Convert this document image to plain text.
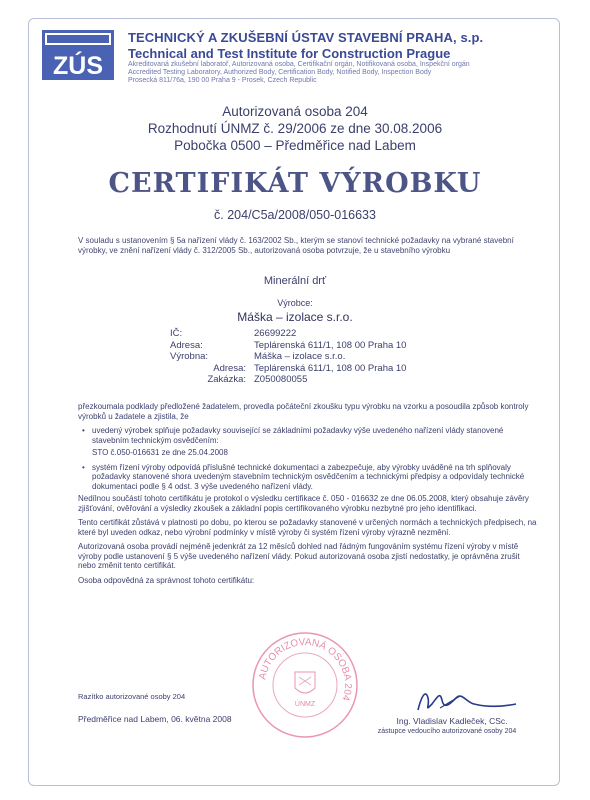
ZÚS
TECHNICKÝ A ZKUŠEBNÍ ÚSTAV STAVEBNÍ PRAHA, s.p.
Technical and Test Institute for Construction Prague
Akreditovaná zkušební laboratoř, Autorizovaná osoba, Certifikační orgán, Notifikovaná osoba, Inspekční orgán
Accredited Testing Laboratory, Authorized Body, Certification Body, Notified Body, Inspection Body
Prosecká 811/76a, 190 00 Praha 9 - Prosek, Czech Republic
Autorizovaná osoba 204
Rozhodnutí ÚNMZ č. 29/2006 ze dne 30.08.2006
Pobočka 0500 – Předměřice nad Labem
CERTIFIKÁT VÝROBKU
č. 204/C5a/2008/050-016633
V souladu s ustanovením § 5a nařízení vlády č. 163/2002 Sb., kterým se stanoví technické požadavky na vybrané stavební výrobky, ve znění nařízení vlády č. 312/2005 Sb., autorizovaná osoba potvrzuje, že u stavebního výrobku
Minerální drť
Výrobce:
Máška – izolace s.r.o.
IČ:	26699222
Adresa:	Teplárenská 611/1, 108 00 Praha 10
Výrobna:	Máška – izolace s.r.o.
Adresa: Teplárenská 611/1, 108 00 Praha 10
Zakázka: Z050080055

přezkoumala podklady předložené žadatelem, provedla počáteční zkoušku typu výrobku na vzorku a posoudila způsob kontroly výrobků u žadatele a zjistila, že

• uvedený výrobek splňuje požadavky související se základními požadavky výše uvedeného nařízení vlády stanovené stavebním technickým osvědčením:

STO č.050-016631 ze dne 25.04.2008

• systém řízení výroby odpovídá příslušné technické dokumentaci a zabezpečuje, aby výrobky uváděné na trh splňovaly požadavky stanovené shora uvedeným stavebním technickým osvědčením a technickými předpisy a odpovídaly technické dokumentaci podle § 4 odst. 3 výše uvedeného nařízení vlády.

Nedílnou součástí tohoto certifikátu je protokol o výsledku certifikace č. 050 - 016632 ze dne 06.05.2008, který obsahuje závěry zjišťování, ověřování a výsledky zkoušek a základní popis certifikovaného výrobku nezbytné pro jeho identifikaci.

Tento certifikát zůstává v platnosti po dobu, po kterou se požadavky stanovené v určených normách a technických předpisech, na které byl uveden odkaz, nebo výrobní podmínky v místě výroby či systém řízení výroby výrazně nezmění.

Autorizovaná osoba provádí nejméně jedenkrát za 12 měsíců dohled nad řádným fungováním systému řízení výroby v místě výroby podle ustanovení § 5 výše uvedeného nařízení vlády. Pokud autorizovaná osoba zjistí nedostatky, je oprávněna zrušit nebo změnit tento certifikát.

Osoba odpovědná za správnost tohoto certifikátu:

AUTORIZOVANÁ OSOBA 204
ÚNMZ
Razítko autorizované osoby 204
Předměřice nad Labem, 06. května 2008	Ing. Vladislav Kadleček, CSc.
zástupce vedoucího autorizované osoby 204
